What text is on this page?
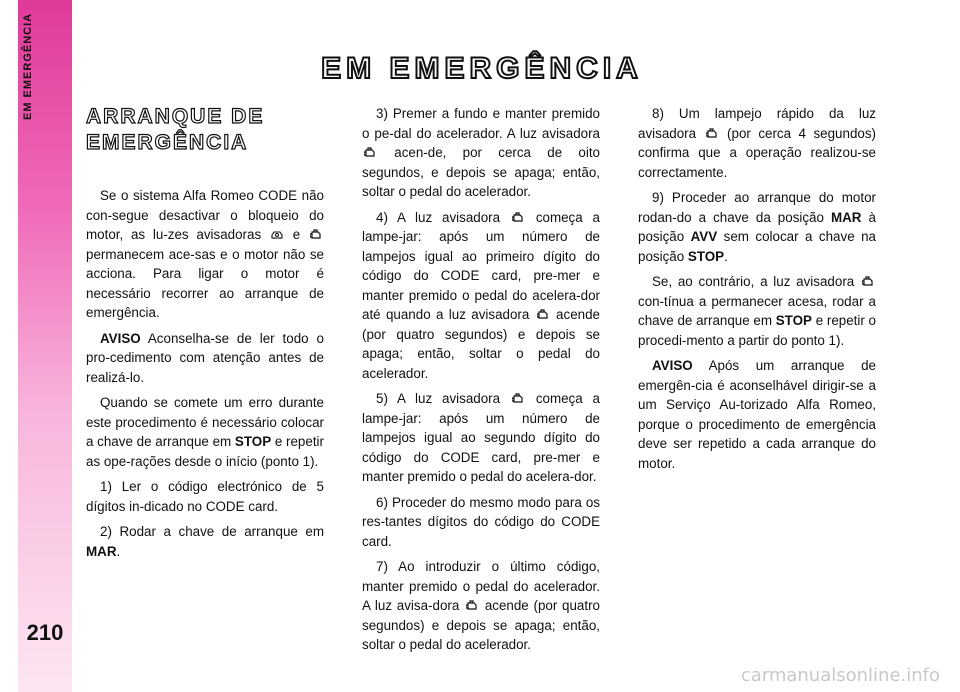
EM EMERGÊNCIA
210
EM EMERGÊNCIA
ARRANQUE DE
EMERGÊNCIA

Se o sistema Alfa Romeo CODE não con-segue desactivar o bloqueio do motor, as lu-zes avisadoras e  permanecem ace-sas e o motor não se acciona. Para ligar o motor é necessário recorrer ao arranque de emergência.

AVISO Aconselha-se de ler todo o pro-cedimento com atenção antes de realizá-lo.

Quando se comete um erro durante este procedimento é necessário colocar a chave de arranque em STOP e repetir as ope-rações desde o início (ponto 1).

1) Ler o código electrónico de 5 dígitos in-dicado no CODE card.

2) Rodar a chave de arranque em MAR.

3) Premer a fundo e manter premido o pe-dal do acelerador. A luz avisadora  acen-de, por cerca de oito segundos, e depois se apaga; então, soltar o pedal do acelerador.

4) A luz avisadora	começa a lampe-jar: após um número de lampejos igual ao primeiro dígito do código do CODE card, pre-mer e manter premido o pedal do acelera-dor até quando a luz avisadora acende (por quatro segundos) e depois se apaga; então, soltar o pedal do acelerador.

5) A luz avisadora	começa a lampe-jar: após um número de lampejos igual ao segundo dígito do código do CODE card, pre-mer e manter premido o pedal do acelera-dor.

6) Proceder do mesmo modo para os res-tantes dígitos do código do CODE card.

7) Ao introduzir o último código, manter premido o pedal do acelerador. A luz avisa-dora acende (por quatro segundos) e depois se apaga; então, soltar o pedal do acelerador.

8) Um lampejo rápido da luz avisadora (por cerca 4 segundos) confirma que a operação realizou-se correctamente.

9) Proceder ao arranque do motor rodan-do a chave da posição MAR à posição AVV sem colocar a chave na posição STOP.

Se, ao contrário, a luz avisadora  con-tínua a permanecer acesa, rodar a chave de arranque em STOP e repetir o procedi-mento a partir do ponto 1).

AVISO Após um arranque de emergên-cia é aconselhável dirigir-se a um Serviço Au-torizado Alfa Romeo, porque o procedimento de emergência deve ser repetido a cada arranque do motor.

carmanualsonline.info
